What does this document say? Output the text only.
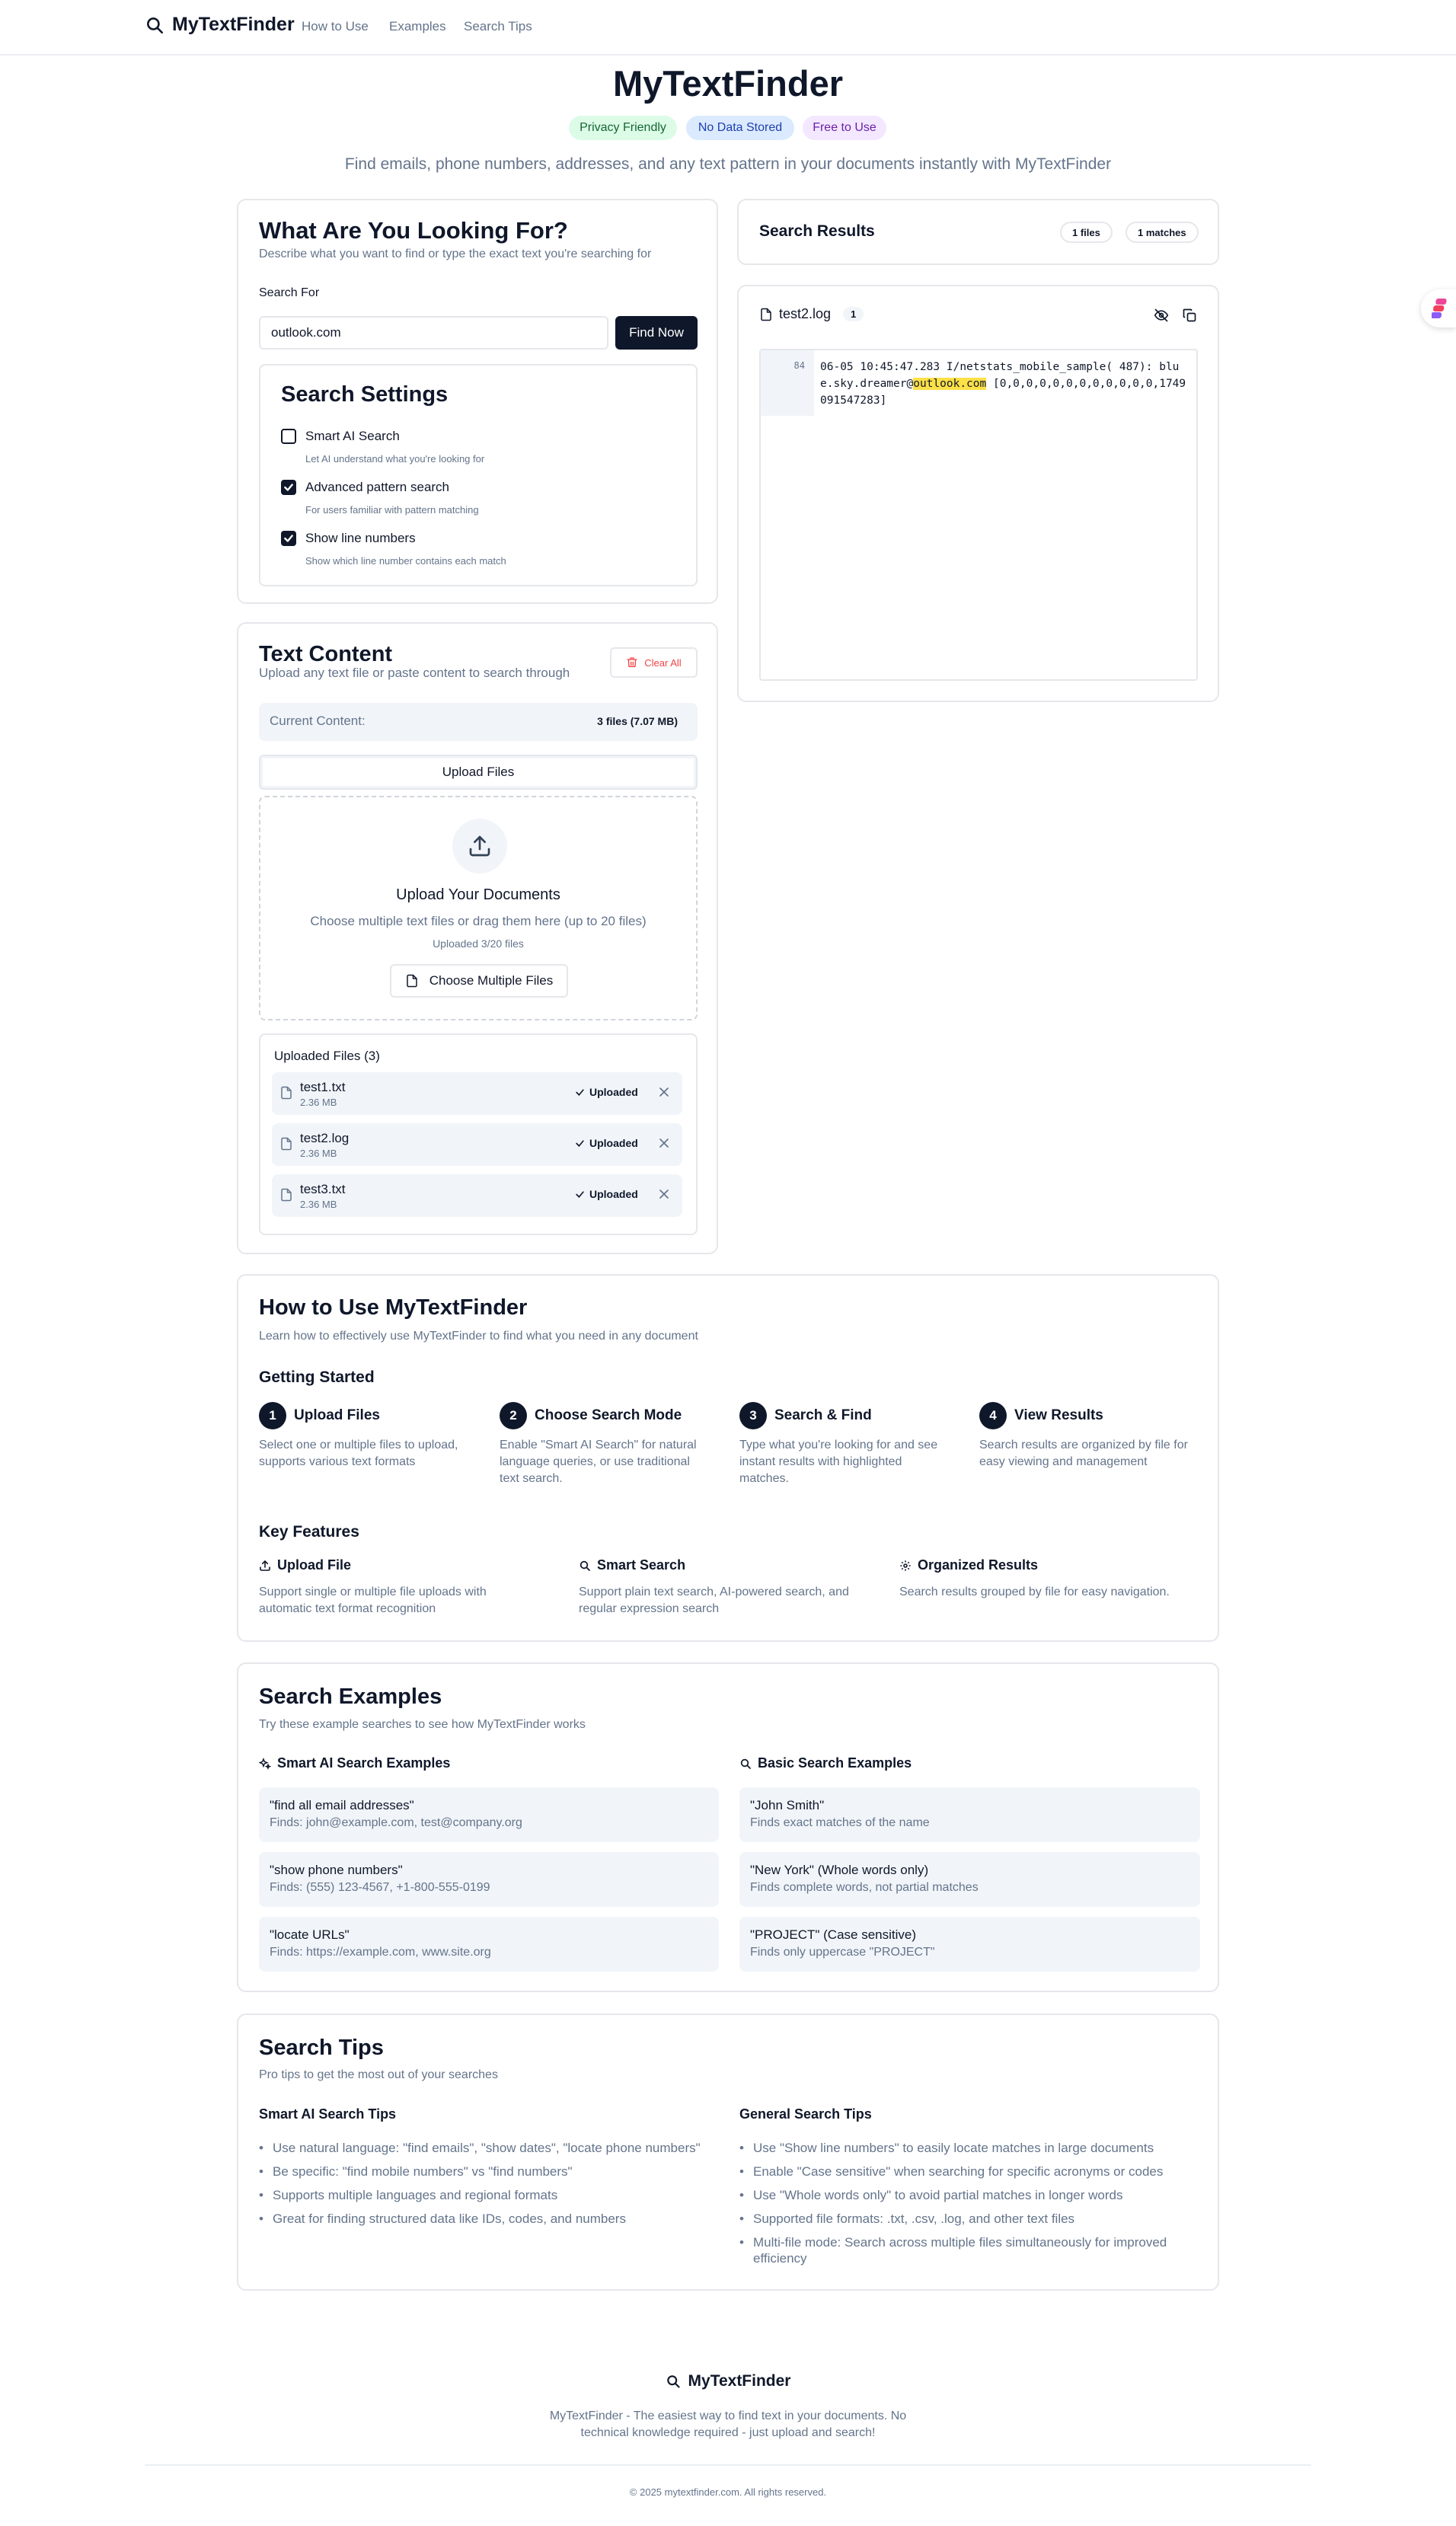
MyTextFinder How to Use Examples Search Tips
MyTextFinder
Privacy Friendly	No Data Stored	Free to Use
Find emails, phone numbers, addresses, and any text pattern in your documents instantly with MyTextFinder
What Are You Looking For?
Describe what you want to find or type the exact text you're searching for
Search For
outlook.com
Find Now
Search Settings
Smart AI Search
Let AI understand what you're looking for
Advanced pattern search
For users familiar with pattern matching
Show line numbers
Show which line number contains each match
Text Content
Upload any text file or paste content to search through
Clear All
Current Content:	3 files (7.07 MB)
Upload Files
Upload Your Documents
Choose multiple text files or drag them here (up to 20 files)
Uploaded 3/20 files
Choose Multiple Files
Uploaded Files (3)
test1.txt
2.36 MB
Uploaded
test2.log
2.36 MB
Uploaded
test3.txt
2.36 MB
Uploaded
Search Results	1 files	1 matches
test2.log	1
84 06-05 10:45:47.283 I/netstats_mobile_sample( 487): blue.sky.dreamer@outlook.com [0,0,0,0,0,0,0,0,0,0,0,0,1749091547283]
How to Use MyTextFinder
Learn how to effectively use MyTextFinder to find what you need in any document
Getting Started
1	Upload Files
Select one or multiple files to upload, supports various text formats
2	Choose Search Mode
Enable "Smart AI Search" for natural language queries, or use traditional text search.
3	Search & Find
Type what you're looking for and see instant results with highlighted matches.
4	View Results
Search results are organized by file for easy viewing and management
Key Features
Upload File
Support single or multiple file uploads with automatic text format recognition
Smart Search
Support plain text search, AI-powered search, and regular expression search
Organized Results
Search results grouped by file for easy navigation.
Search Examples
Try these example searches to see how MyTextFinder works
Smart AI Search Examples	Basic Search Examples
"find all email addresses"
Finds: john@example.com, test@company.org
"show phone numbers"
Finds: (555) 123-4567, +1-800-555-0199
"locate URLs"
Finds: https://example.com, www.site.org
"John Smith"
Finds exact matches of the name
"New York" (Whole words only)
Finds complete words, not partial matches
"PROJECT" (Case sensitive)
Finds only uppercase "PROJECT"
Search Tips
Pro tips to get the most out of your searches
Smart AI Search Tips	General Search Tips
• Use natural language: "find emails", "show dates", "locate phone numbers"
• Be specific: "find mobile numbers" vs "find numbers"
• Supports multiple languages and regional formats
• Great for finding structured data like IDs, codes, and numbers
• Use "Show line numbers" to easily locate matches in large documents
• Enable "Case sensitive" when searching for specific acronyms or codes
• Use "Whole words only" to avoid partial matches in longer words
• Supported file formats: .txt, .csv, .log, and other text files
• Multi-file mode: Search across multiple files simultaneously for improved efficiency
MyTextFinder
MyTextFinder - The easiest way to find text in your documents. No technical knowledge required - just upload and search!
© 2025 mytextfinder.com. All rights reserved.
